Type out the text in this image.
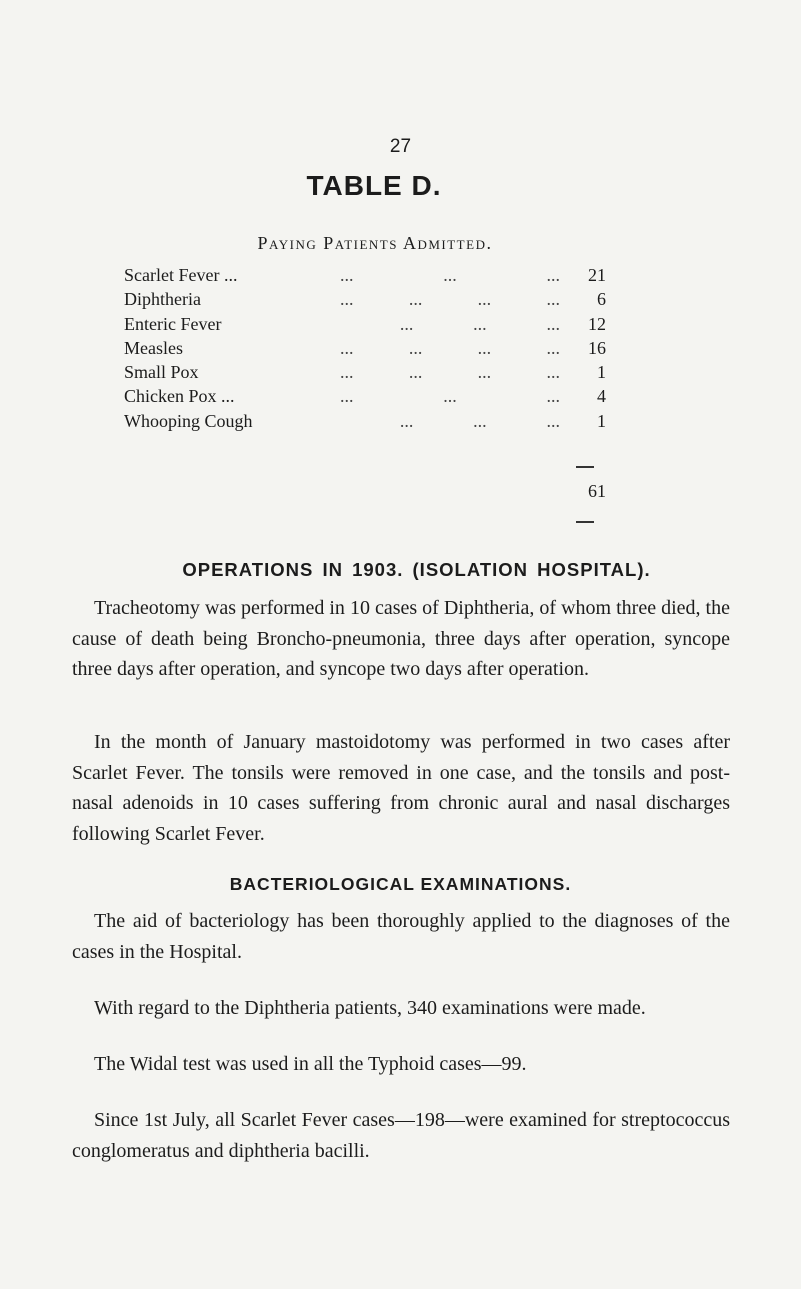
27
TABLE D.
Paying Patients Admitted.
Scarlet Fever ...	...	...	... 21
Diphtheria	...	...	...	... 6
Enteric Fever	...	...	... 12
Measles	...	...	...	... 16
Small Pox	...	...	...	... 1
Chicken Pox ...	...	...	... 4
Whooping Cough	...	...	... 1
61
OPERATIONS IN 1903. (ISOLATION HOSPITAL).

Tracheotomy was performed in 10 cases of Diphtheria, of whom three died, the cause of death being Broncho-pneumonia, three days after operation, syncope three days after operation, and syncope two days after operation.

In the month of January mastoidotomy was performed in two cases after Scarlet Fever. The tonsils were removed in one case, and the tonsils and post-nasal adenoids in 10 cases suffering from chronic aural and nasal discharges following Scarlet Fever.

BACTERIOLOGICAL EXAMINATIONS.

The aid of bacteriology has been thoroughly applied to the diagnoses of the cases in the Hospital.

With regard to the Diphtheria patients, 340 examinations were made.

The Widal test was used in all the Typhoid cases—99.

Since 1st July, all Scarlet Fever cases—198—were examined for streptococcus conglomeratus and diphtheria bacilli.
